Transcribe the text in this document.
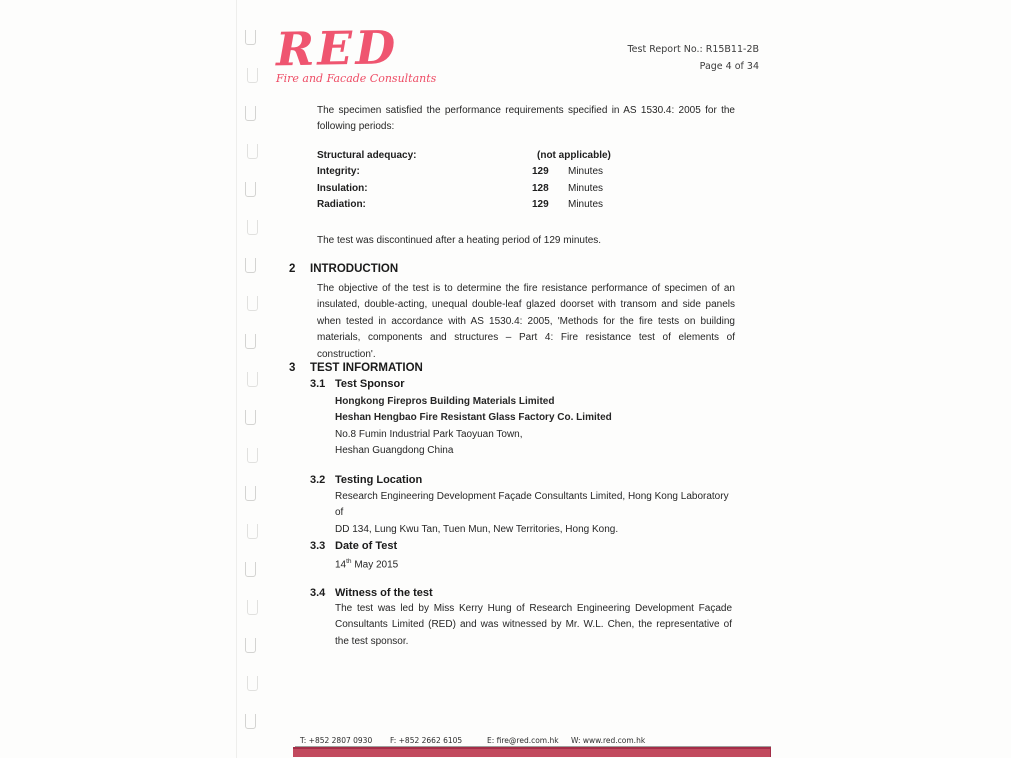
RED
Fire and Facade Consultants
Test Report No.: R15B11-2B
Page 4 of 34

The specimen satisfied the performance requirements specified in AS 1530.4: 2005 for the following periods:

Structural adequacy:	(not applicable)
Integrity:	129 Minutes
Insulation:	128 Minutes
Radiation:	129 Minutes

The test was discontinued after a heating period of 129 minutes.

2 INTRODUCTION

The objective of the test is to determine the fire resistance performance of specimen of an insulated, double-acting, unequal double-leaf glazed doorset with transom and side panels when tested in accordance with AS 1530.4: 2005, 'Methods for the fire tests on building materials, components and structures – Part 4: Fire resistance test of elements of construction'.

3 TEST INFORMATION
3.1 Test Sponsor
Hongkong Firepros Building Materials Limited
Heshan Hengbao Fire Resistant Glass Factory Co. Limited
No.8 Fumin Industrial Park Taoyuan Town,
Heshan Guangdong China
3.2 Testing Location
Research Engineering Development Façade Consultants Limited, Hong Kong Laboratory of
DD 134, Lung Kwu Tan, Tuen Mun, New Territories, Hong Kong.
3.3 Date of Test
14th May 2015
3.4 Witness of the test
The test was led by Miss Kerry Hung of Research Engineering Development Façade Consultants Limited (RED) and was witnessed by Mr. W.L. Chen, the representative of the test sponsor.
T: +852 2807 0930 F: +852 2662 6105	E: fire@red.com.hk W: www.red.com.hk
